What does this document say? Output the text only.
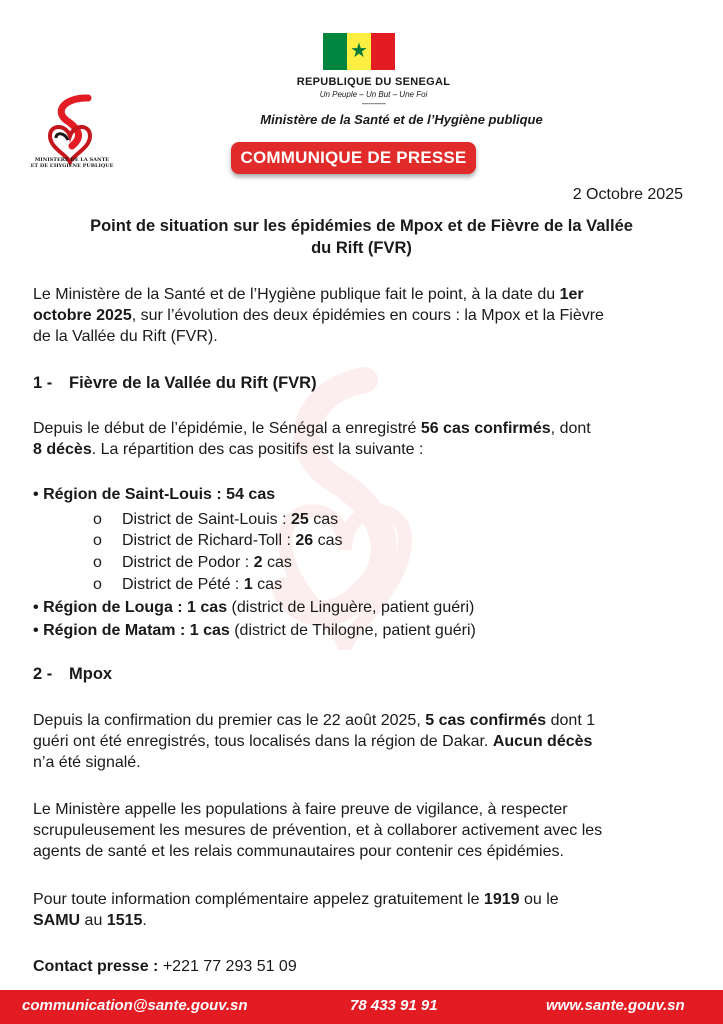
★
REPUBLIQUE DU SENEGAL
Un Peuple – Un But – Une Foi
-----------
Ministère de la Santé et de l’Hygiène publique
MINISTERE DE LA SANTE
ET DE L’HYGIENE PUBLIQUE	COMMUNIQUE DE PRESSE
2 Octobre 2025
Point de situation sur les épidémies de Mpox et de Fièvre de la Vallée
du Rift (FVR)
Le Ministère de la Santé et de l’Hygiène publique fait le point, à la date du 1er
octobre 2025, sur l’évolution des deux épidémies en cours : la Mpox et la Fièvre
de la Vallée du Rift (FVR).
1 - Fièvre de la Vallée du Rift (FVR)
Depuis le début de l’épidémie, le Sénégal a enregistré 56 cas confirmés, dont
8 décès. La répartition des cas positifs est la suivante :
• Région de Saint-Louis : 54 cas
o District de Saint-Louis : 25 cas
o District de Richard-Toll : 26 cas
o District de Podor : 2 cas
o District de Pété : 1 cas
• Région de Louga : 1 cas (district de Linguère, patient guéri)
• Région de Matam : 1 cas (district de Thilogne, patient guéri)
2 - Mpox
Depuis la confirmation du premier cas le 22 août 2025, 5 cas confirmés dont 1
guéri ont été enregistrés, tous localisés dans la région de Dakar. Aucun décès
n’a été signalé.
Le Ministère appelle les populations à faire preuve de vigilance, à respecter
scrupuleusement les mesures de prévention, et à collaborer activement avec les
agents de santé et les relais communautaires pour contenir ces épidémies.
Pour toute information complémentaire appelez gratuitement le 1919 ou le
SAMU au 1515.
Contact presse : +221 77 293 51 09
communication@sante.gouv.sn	78 433 91 91	www.sante.gouv.sn
